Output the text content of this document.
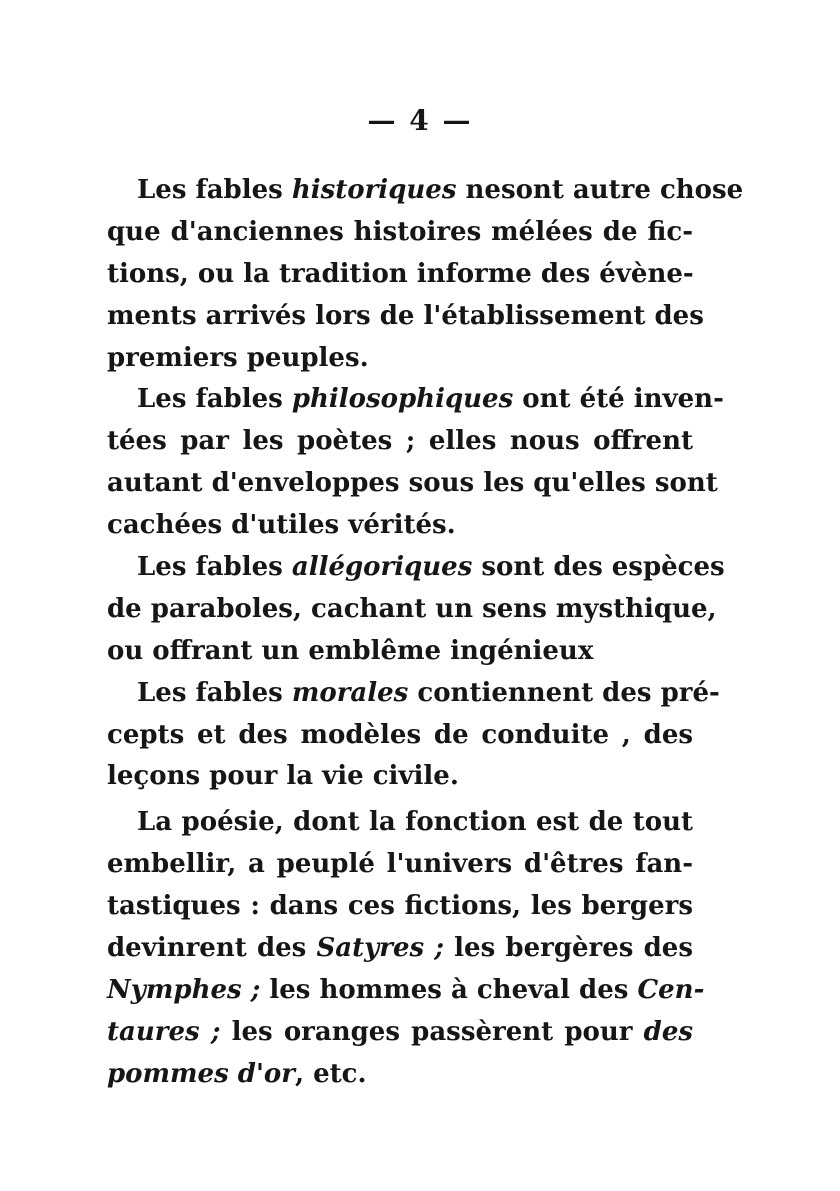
— 4 —
Les fables historiques nesont autre chose
que d'anciennes histoires mélées de fic-
tions, ou la tradition informe des évène-
ments arrivés lors de l'établissement des
premiers peuples.
Les fables philosophiques ont été inven-
tées par les poètes ; elles nous offrent
autant d'enveloppes sous les qu'elles sont
cachées d'utiles vérités.
Les fables allégoriques sont des espèces
de paraboles, cachant un sens mysthique,
ou offrant un emblême ingénieux
Les fables morales contiennent des pré-
cepts et des modèles de conduite , des
leçons pour la vie civile.
La poésie, dont la fonction est de tout
embellir, a peuplé l'univers d'êtres fan-
tastiques : dans ces fictions, les bergers
devinrent des Satyres ; les bergères des
Nymphes ; les hommes à cheval des Cen-
taures ; les oranges passèrent pour des
pommes d'or, etc.
